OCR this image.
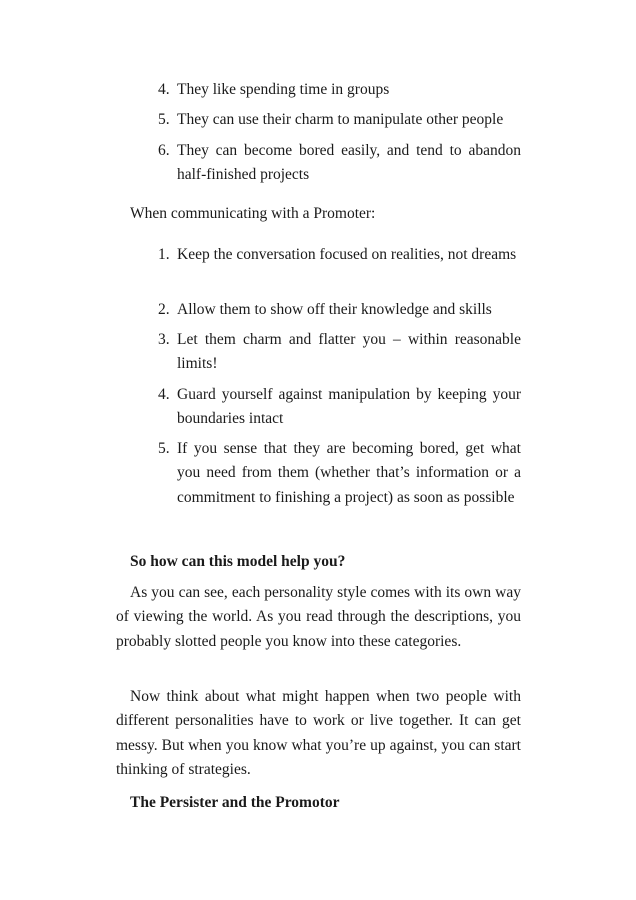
4. They like spending time in groups
5. They can use their charm to manipulate other people
6. They can become bored easily, and tend to abandon half-finished projects
When communicating with a Promoter:
1. Keep the conversation focused on realities, not dreams
2. Allow them to show off their knowledge and skills
3. Let them charm and flatter you – within reasonable limits!
4. Guard yourself against manipulation by keeping your boundaries intact
5. If you sense that they are becoming bored, get what you need from them (whether that’s information or a commitment to finishing a project) as soon as possible
So how can this model help you?
As you can see, each personality style comes with its own way of viewing the world. As you read through the descriptions, you probably slotted people you know into these categories.
Now think about what might happen when two people with different personalities have to work or live together. It can get messy. But when you know what you’re up against, you can start thinking of strategies.
The Persister and the Promotor
